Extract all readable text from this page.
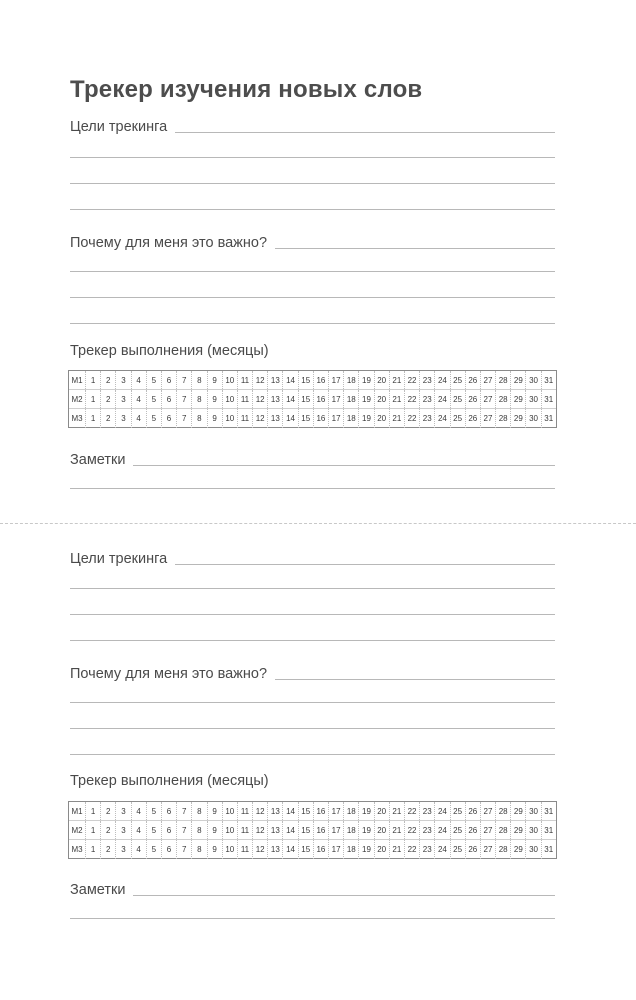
Трекер изучения новых слов
Цели трекинга
Почему для меня это важно?
Трекер выполнения (месяцы)
M1	1	2	3	4	5	6	7	8	9	10 11 12 13 14 15 16 17 18 19 20 21 22 23 24 25 26 27 28 29 30 31
M2	1	2	3	4	5	6	7	8	9	10 11 12 13 14 15 16 17 18 19 20 21 22 23 24 25 26 27 28 29 30 31
M3	1	2	3	4	5	6	7	8	9	10 11 12 13 14 15 16 17 18 19 20 21 22 23 24 25 26 27 28 29 30 31
Заметки
Цели трекинга
Почему для меня это важно?
Трекер выполнения (месяцы)
M1	1	2	3	4	5	6	7	8	9	10 11 12 13 14 15 16 17 18 19 20 21 22 23 24 25 26 27 28 29 30 31
M2	1	2	3	4	5	6	7	8	9	10 11 12 13 14 15 16 17 18 19 20 21 22 23 24 25 26 27 28 29 30 31
M3	1	2	3	4	5	6	7	8	9	10 11 12 13 14 15 16 17 18 19 20 21 22 23 24 25 26 27 28 29 30 31
Заметки
